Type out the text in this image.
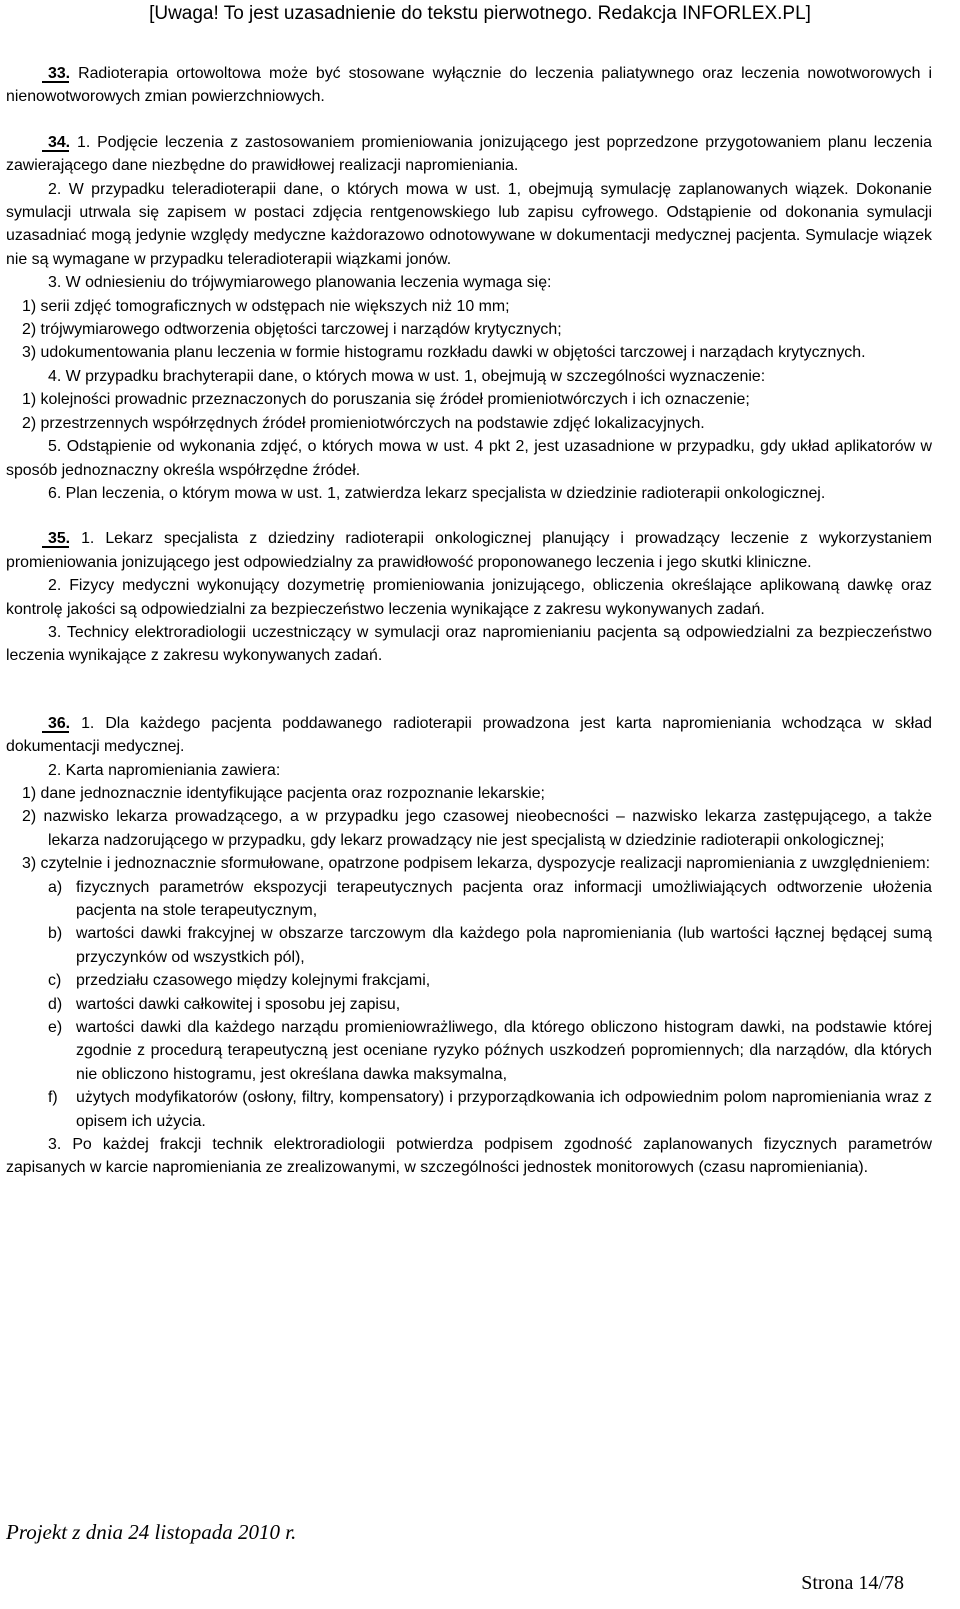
[Uwaga! To jest uzasadnienie do tekstu pierwotnego. Redakcja INFORLEX.PL]

33. Radioterapia ortowoltowa może być stosowane wyłącznie do leczenia paliatywnego oraz leczenia nowotworowych i nienowotworowych zmian powierzchniowych.

34. 1. Podjęcie leczenia z zastosowaniem promieniowania jonizującego jest poprzedzone przygotowaniem planu leczenia zawierającego dane niezbędne do prawidłowej realizacji napromieniania.

2. W przypadku teleradioterapii dane, o których mowa w ust. 1, obejmują symulację zaplanowanych wiązek. Dokonanie symulacji utrwala się zapisem w postaci zdjęcia rentgenowskiego lub zapisu cyfrowego. Odstąpienie od dokonania symulacji uzasadniać mogą jedynie względy medyczne każdorazowo odnotowywane w dokumentacji medycznej pacjenta. Symulacje wiązek nie są wymagane w przypadku teleradioterapii wiązkami jonów.

3. W odniesieniu do trójwymiarowego planowania leczenia wymaga się:

1) serii zdjęć tomograficznych w odstępach nie większych niż 10 mm;

2) trójwymiarowego odtworzenia objętości tarczowej i narządów krytycznych;

3) udokumentowania planu leczenia w formie histogramu rozkładu dawki w objętości tarczowej i narządach krytycznych.

4. W przypadku brachyterapii dane, o których mowa w ust. 1, obejmują w szczególności wyznaczenie:

1) kolejności prowadnic przeznaczonych do poruszania się źródeł promieniotwórczych i ich oznaczenie;

2) przestrzennych współrzędnych źródeł promieniotwórczych na podstawie zdjęć lokalizacyjnych.

5. Odstąpienie od wykonania zdjęć, o których mowa w ust. 4 pkt 2, jest uzasadnione w przypadku, gdy układ aplikatorów w sposób jednoznaczny określa współrzędne źródeł.

6. Plan leczenia, o którym mowa w ust. 1, zatwierdza lekarz specjalista w dziedzinie radioterapii onkologicznej.

35. 1. Lekarz specjalista z dziedziny radioterapii onkologicznej planujący i prowadzący leczenie z wykorzystaniem promieniowania jonizującego jest odpowiedzialny za prawidłowość proponowanego leczenia i jego skutki kliniczne.

2. Fizycy medyczni wykonujący dozymetrię promieniowania jonizującego, obliczenia określające aplikowaną dawkę oraz kontrolę jakości są odpowiedzialni za bezpieczeństwo leczenia wynikające z zakresu wykonywanych zadań.

3. Technicy elektroradiologii uczestniczący w symulacji oraz napromienianiu pacjenta są odpowiedzialni za bezpieczeństwo leczenia wynikające z zakresu wykonywanych zadań.

36. 1. Dla każdego pacjenta poddawanego radioterapii prowadzona jest karta napromieniania wchodząca w skład dokumentacji medycznej.

2. Karta napromieniania zawiera:

1) dane jednoznacznie identyfikujące pacjenta oraz rozpoznanie lekarskie;

2) nazwisko lekarza prowadzącego, a w przypadku jego czasowej nieobecności – nazwisko lekarza zastępującego, a także lekarza nadzorującego w przypadku, gdy lekarz prowadzący nie jest specjalistą w dziedzinie radioterapii onkologicznej;

3) czytelnie i jednoznacznie sformułowane, opatrzone podpisem lekarza, dyspozycje realizacji napromieniania z uwzględnieniem:

a) fizycznych parametrów ekspozycji terapeutycznych pacjenta oraz informacji umożliwiających odtworzenie ułożenia pacjenta na stole terapeutycznym,
b) wartości dawki frakcyjnej w obszarze tarczowym dla każdego pola napromieniania (lub wartości łącznej będącej sumą przyczynków od wszystkich pól),
c) przedziału czasowego między kolejnymi frakcjami,
d) wartości dawki całkowitej i sposobu jej zapisu,
e) wartości dawki dla każdego narządu promieniowrażliwego, dla którego obliczono histogram dawki, na podstawie której zgodnie z procedurą terapeutyczną jest oceniane ryzyko późnych uszkodzeń popromiennych; dla narządów, dla których nie obliczono histogramu, jest określana dawka maksymalna,
f)	użytych modyfikatorów (osłony, filtry, kompensatory) i przyporządkowania ich odpowiednim polom napromieniania wraz z opisem ich użycia.

3. Po każdej frakcji technik elektroradiologii potwierdza podpisem zgodność zaplanowanych fizycznych parametrów zapisanych w karcie napromieniania ze zrealizowanymi, w szczególności jednostek monitorowych (czasu napromieniania).

Projekt z dnia 24 listopada 2010 r.
Strona 14/78
